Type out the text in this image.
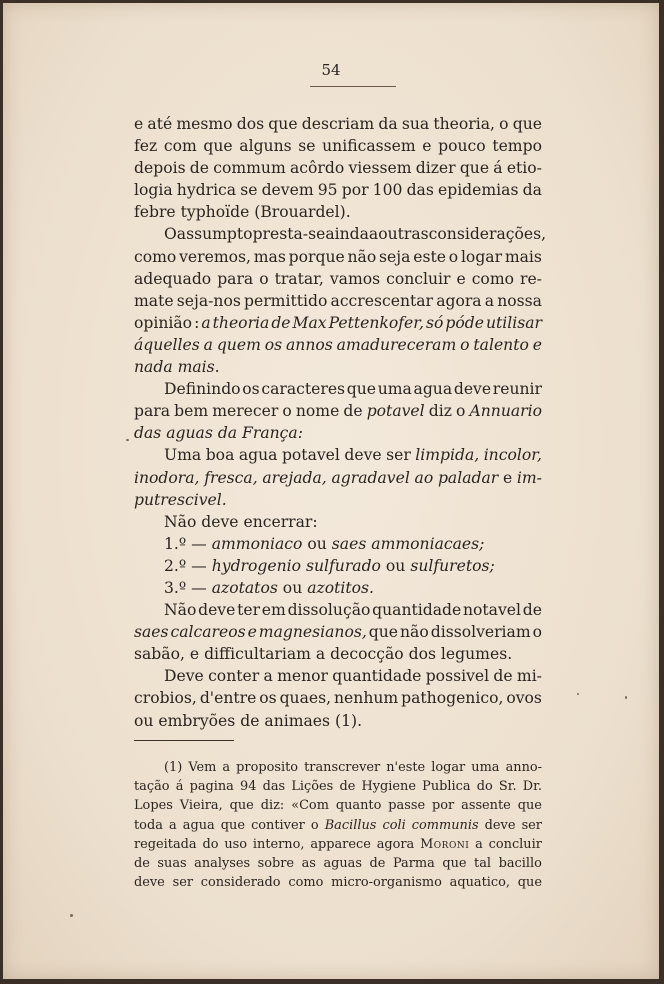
54
e até mesmo dos que descriam da sua theoria, o que
fez com que alguns se unificassem e pouco tempo
depois de commum acôrdo viessem dizer que á etio-
logia hydrica se devem 95 por 100 das epidemias da
febre typhoïde (Brouardel).
O assumpto presta-se ainda a outras considerações,
como veremos, mas porque não seja este o logar mais
adequado para o tratar, vamos concluir e como re-
mate seja-nos permittido accrescentar agora a nossa
opinião : a theoria de Max Pettenkofer, só póde utilisar
áquelles a quem os annos amadureceram o talento e
nada mais.
Definindo os caracteres que uma agua deve reunir
para bem merecer o nome de potavel diz o Annuario
das aguas da França:
Uma boa agua potavel deve ser limpida, incolor,
inodora, fresca, arejada, agradavel ao paladar e im-
putrescivel.
Não deve encerrar:
1.º — ammoniaco ou saes ammoniacaes;
2.º — hydrogenio sulfurado ou sulfuretos;
3.º — azotatos ou azotitos.
Não deve ter em dissolução quantidade notavel de
saes calcareos e magnesianos, que não dissolveriam o
sabão, e difficultariam a decocção dos legumes.
Deve conter a menor quantidade possivel de mi-
crobios, d'entre os quaes, nenhum pathogenico, ovos
ou embryões de animaes (1).
(1) Vem a proposito transcrever n'este logar uma anno-
tação á pagina 94 das Lições de Hygiene Publica do Sr. Dr.
Lopes Vieira, que diz: «Com quanto passe por assente que
toda a agua que contiver o Bacillus coli communis deve ser
regeitada do uso interno, apparece agora Moroni a concluir
de suas analyses sobre as aguas de Parma que tal bacillo
deve ser considerado como micro-organismo aquatico, que
